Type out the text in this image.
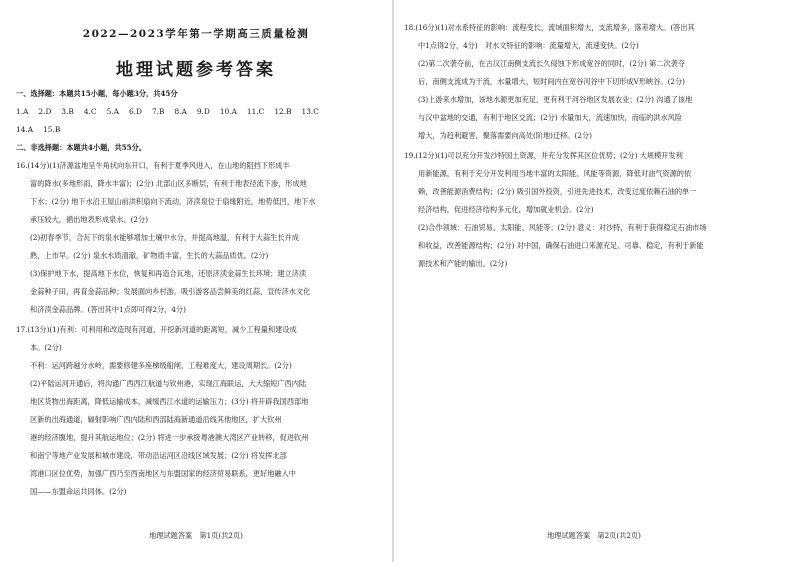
2022—2023学年第一学期高三质量检测
地理试题参考答案
一、选择题：本题共15小题，每小题3分，共45分
1.A 2.D 3.B 4.C 5.A 6.D 7.B 8.A 9.D 10.A 11.C 12.B 13.C
14.A 15.B
二、非选择题：本题共4小题，共55分。
16.(14分)(1)济源盆地呈牛角状向东开口，有利于夏季风进入，在山地的阻挡下形成丰
富的降水(多地形雨，降水丰富)；(2分) 北部山区多断层，有利于地表径流下渗，形成地
下水；(2分) 地下水沿王屋山前洪积扇向下流动，济渎泉位于扇缘附近，地势低凹，地下水
承压较大，循出地表形成泉水。(2分)
(2)初春季节，合瓦下的泉水能够增加土壤中水分，并提高地温，有利于大蒜生长并成
熟，上市早。(2分) 泉水水质清澈，矿物质丰富，生长的大蒜品质优。(2分)
(3)保护地下水，提高地下水位，恢复和再造合瓦地，还原济渎金蒜生长环境；建立济渎
金蒜种子田，再育金蒜品种；发展面向乡村游，吸引游客品尝鲜美的红蒜，宣传济水文化
和济渎金蒜品牌。(答出其中1点即可得2分，4分)
17.(13分)(1)有利：可利用和改造现有河道，开挖新河道的距离短，减少工程量和建设成
本。(2分)
不利：运河跨越分水岭，需要修建多座梯级船闸，工程难度大，建设周期长。(2分)
(2)平陆运河开通后，将沟通广西西江航道与钦州港，实现江海联运，大大缩短广西内陆
地区货物出海距离，降低运输成本，减缓西江水道的运输压力；(3分) 将开辟我国西部地
区新的出海通道，辐射影响广西内陆和西部陆海新通道沿线其他地区，扩大钦州
港的经济腹地，提升其航运地位；(2分) 将进一步承接粤港澳大湾区产业转移，促进钦州
和南宁等地产业发展和城市建设，带动沿运河区沿线区域发展；(2分) 将发挥北部
湾港口区位优势，加强广西乃至西南地区与东盟国家的经济贸易联系，更好地融入中
国——东盟命运共同体。(2分)
地理试题答案　第1页(共2页)
18.(16分)(1)对水系特征的影响：流程变长，流域面积增大，支流增多，落差增大。(答出其
中1点得2分，4分)　对水文特征的影响：流量增大，流速变快。(2分)
(2)第二次袭夺前，在古汉江南侧支流长久侵蚀下形成宽谷的同时，(2分) 第二次袭夺
后，南侧支流成为干流，水量增大，短时间内在宽谷河谷中下切形成V形峡谷。(2分)
(3)上游来水增加，该地水源更加充足，更有利于河谷地区发展农业；(2分) 沟通了该地
与汉中盆地的交通，有利于地区交流；(2分) 水量加大，流速加快，而临的洪水风险
增大，为趋利避害，聚落需要向高处(阶地)迁移。(2分)
19.(12分)(1)可以充分开发沙特国土资源，并充分发挥其区位优势；(2分) 大规模开发利
用新能源，有利于充分开发利用当地丰富的太阳能、风能等资源，降低对油气资源的依
赖，改善能源消费结构；(2分) 吸引国外投资，引进先进技术，改变过度依赖石油的单一
经济结构，促进经济结构多元化，增加就业机会。(2分)
(2)合作领域：石油贸易、太阳能、风能等；(2分) 意义：对沙特，有利于获得稳定石油市场
和收益，改善能源结构；(2分) 对中国，确保石油进口来源充足、可靠、稳定，有利于新能
源技术和产能的输出。(2分)
地理试题答案　第2页(共2页)
